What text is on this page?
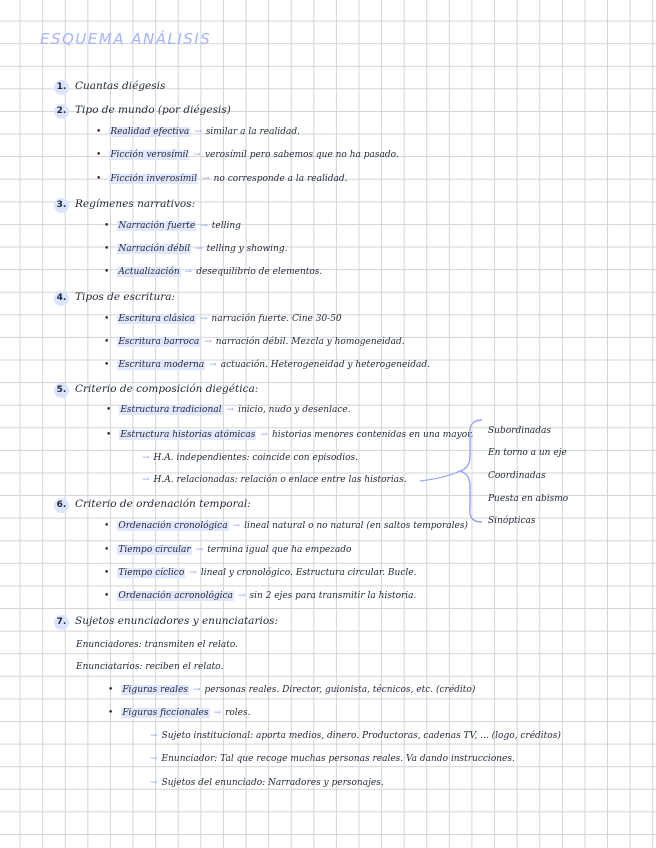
ESQUEMA ANÁLISIS
1. Cuantas diégesis
2. Tipo de mundo (por diégesis)
• Realidad efectiva → similar a la realidad.
• Ficción verosímil → verosímil pero sabemos que no ha pasado.
• Ficción inverosímil → no corresponde a la realidad.
3. Regímenes narrativos:
• Narración fuerte → telling
• Narración débil → telling y showing.
• Actualización → desequilibrio de elementos.
4. Tipos de escritura:
• Escritura clásica → narración fuerte. Cine 30-50
• Escritura barroca → narración débil. Mezcla y homogeneidad.
• Escritura moderna → actuación. Heterogeneidad y heterogeneidad.
5. Criterio de composición diegética:
• Estructura tradicional → inicio, nudo y desenlace.
• Estructura historias atómicas → historias menores contenidas en una mayor.
→ H.A. independientes: coincide con episodios.
→ H.A. relacionadas: relación o enlace entre las historias.
6. Criterio de ordenación temporal:
• Ordenación cronológica → lineal natural o no natural (en saltos temporales)
• Tiempo circular → termina igual que ha empezado
• Tiempo cíclico → lineal y cronológico. Estructura circular. Bucle.
• Ordenación acronológica → sin 2 ejes para transmitir la historia.
7. Sujetos enunciadores y enunciatarios:
Enunciadores: transmiten el relato.
Enunciatarios: reciben el relato.
• Figuras reales → personas reales. Director, guionista, técnicos, etc. (crédito)
• Figuras ficcionales → roles.
→ Sujeto institucional: aporta medios, dinero. Productoras, cadenas TV, ... (logo, créditos)
→ Enunciador: Tal que recoge muchas personas reales. Va dando instrucciones.
→ Sujetos del enunciado: Narradores y personajes.
Subordinadas
En torno a un eje
Coordinadas
Puesta en abismo
Sinópticas
